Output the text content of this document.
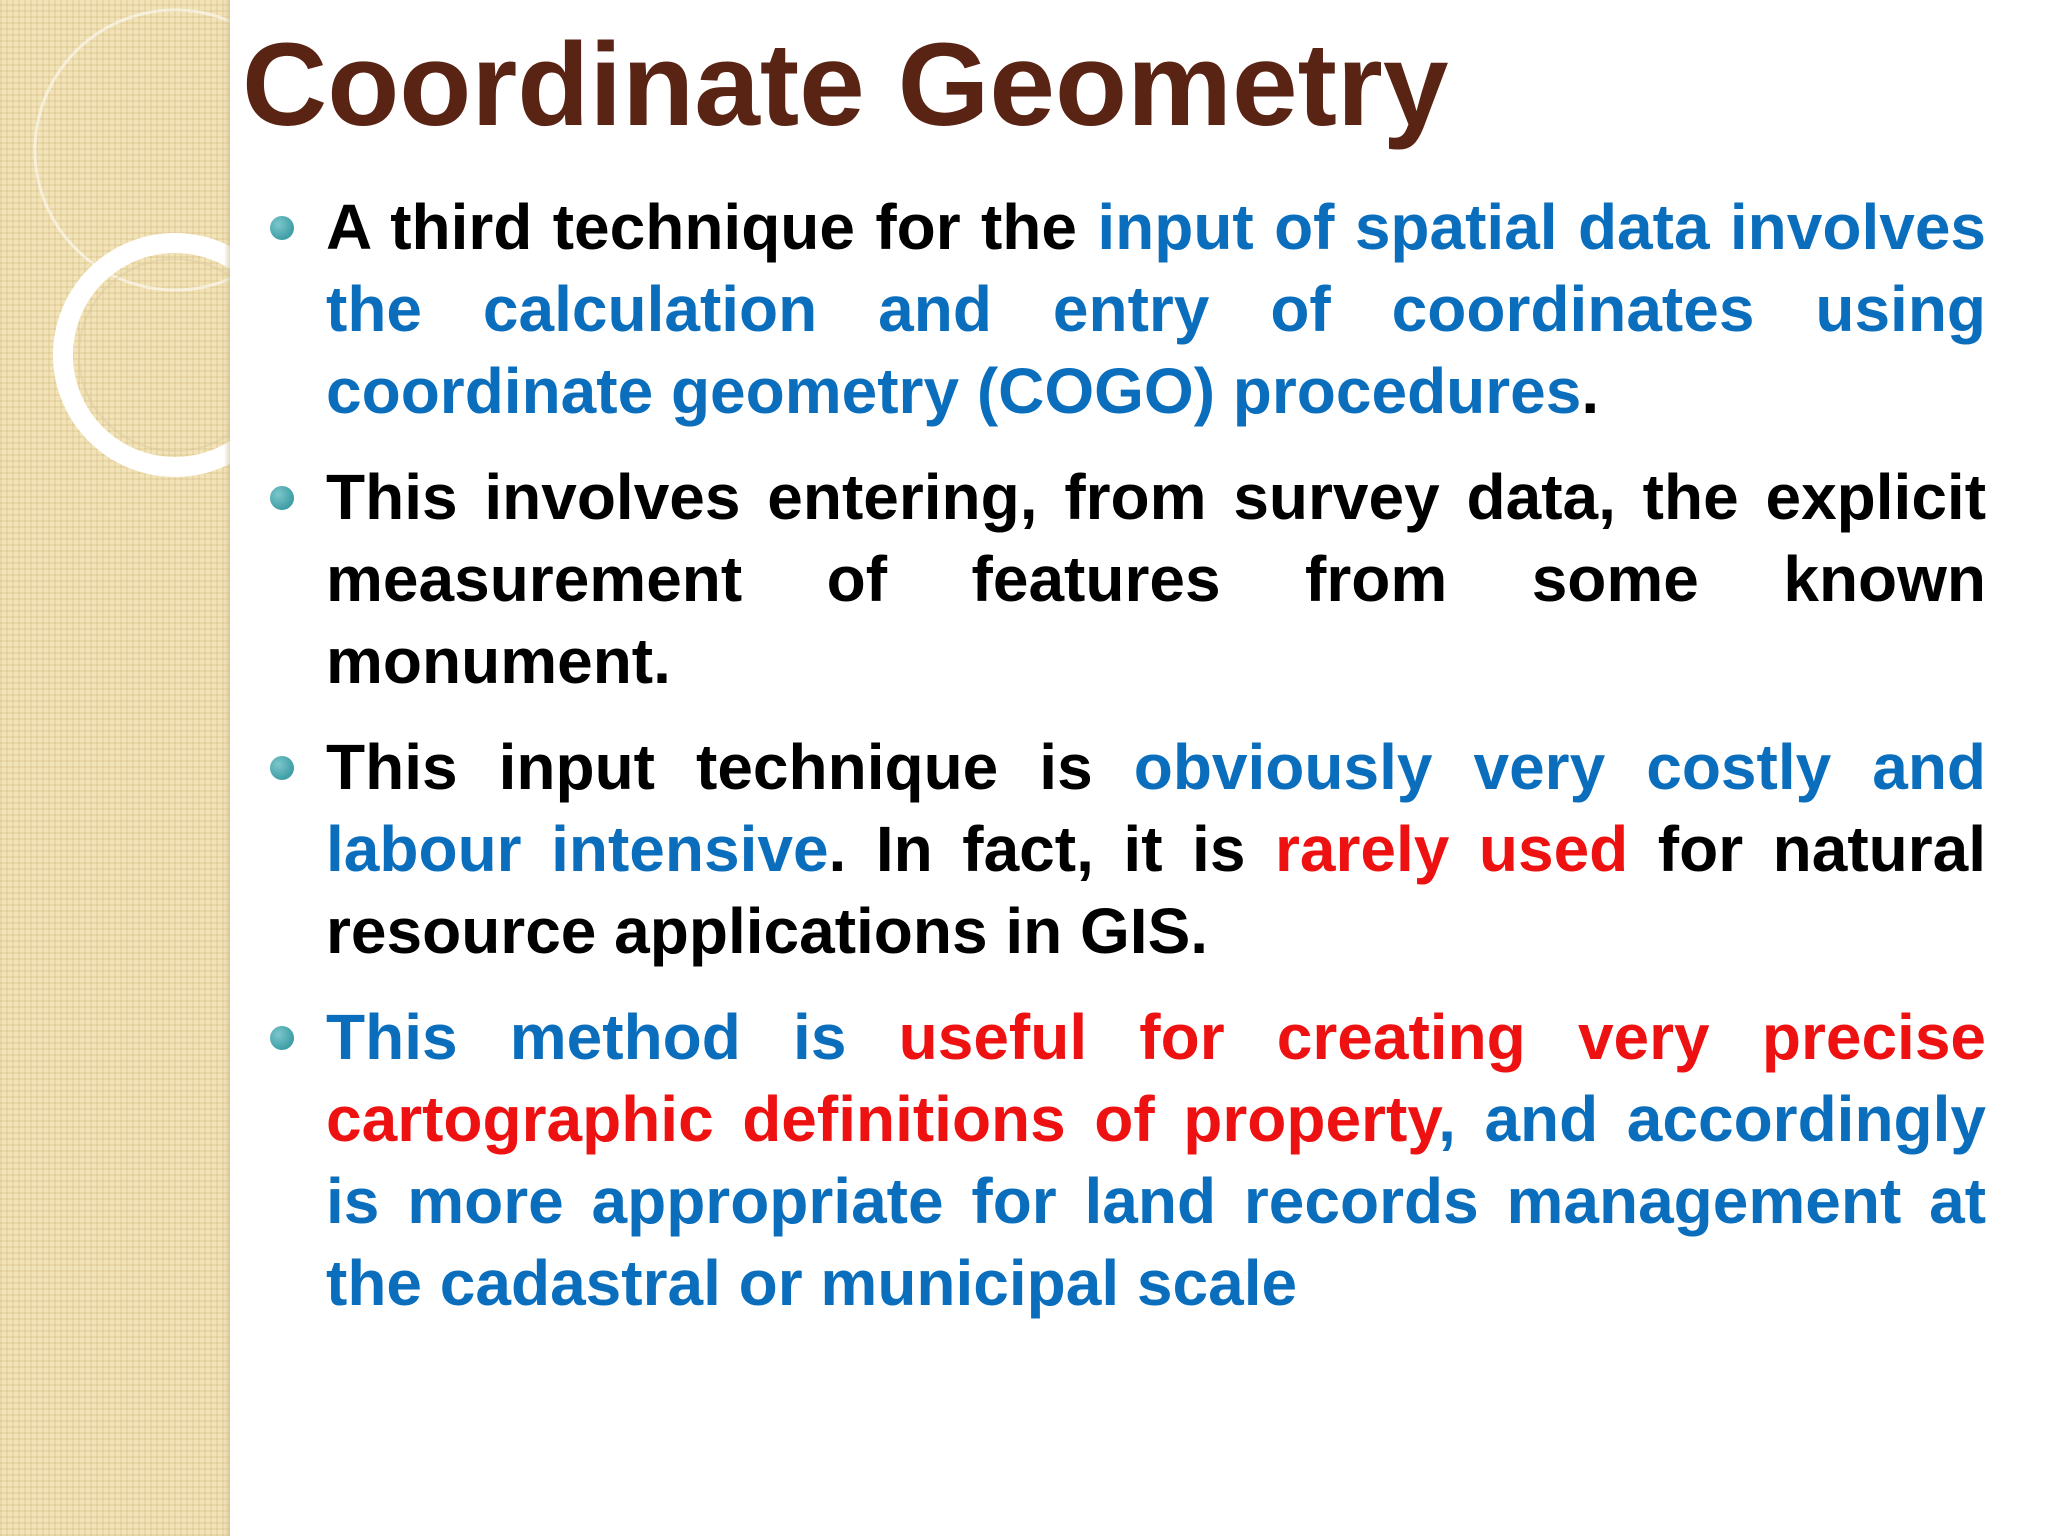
Coordinate Geometry
A third technique for the input of spatial data involves the calculation and entry of coordinates using coordinate geometry (COGO) procedures.
This involves entering, from survey data, the explicit measurement of features from some known monument.
This input technique is obviously very costly and labour intensive. In fact, it is rarely used for natural resource applications in GIS.
This method is useful for creating very precise cartographic definitions of property, and accordingly is more appropriate for land records management at the cadastral or municipal scale
